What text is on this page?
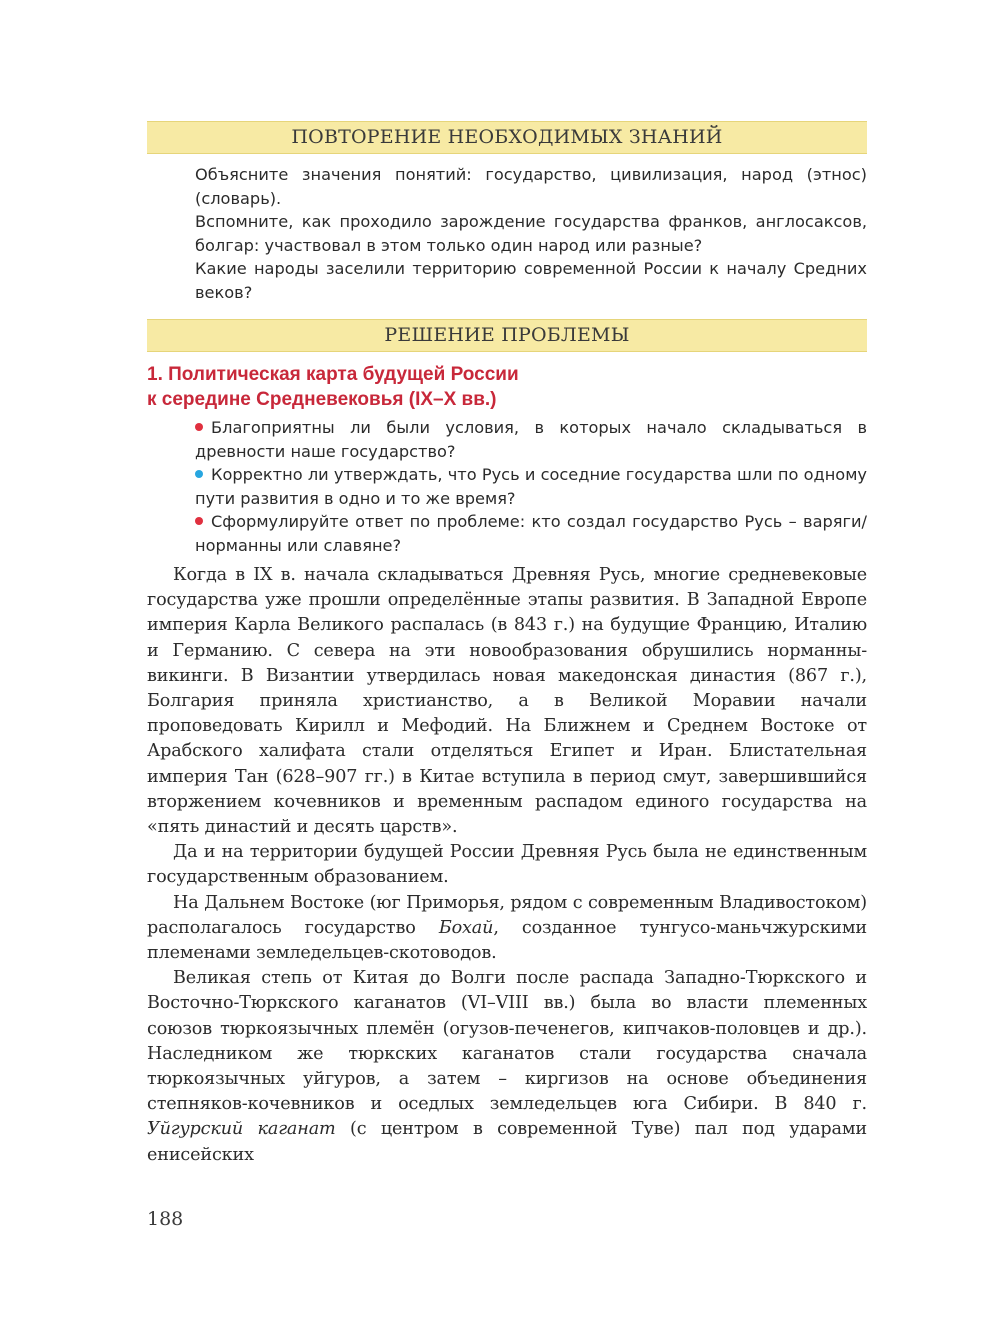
ПОВТОРЕНИЕ НЕОБХОДИМЫХ ЗНАНИЙ

Объясните значения понятий: государство, цивилизация, народ (этнос) (словарь).

Вспомните, как проходило зарождение государства франков, англосаксов, болгар: участвовал в этом только один народ или разные?

Какие народы заселили территорию современной России к началу Средних веков?

РЕШЕНИЕ ПРОБЛЕМЫ
1. Политическая карта будущей России
к середине Средневековья (IX–X вв.)

Благоприятны ли были условия, в которых начало складываться в древности наше государство?

Корректно ли утверждать, что Русь и соседние государства шли по одному пути развития в одно и то же время?

Сформулируйте ответ по проблеме: кто создал государство Русь – варяги/норманны или славяне?

Когда в IX в. начала складываться Древняя Русь, многие средневековые государства уже прошли определённые этапы развития. В Западной Европе империя Карла Великого распалась (в 843 г.) на будущие Францию, Италию и Германию. С севера на эти новообразования обрушились норманны-викинги. В Византии утвердилась новая македонская династия (867 г.), Болгария приняла христианство, а в Великой Моравии начали проповедовать Кирилл и Мефодий. На Ближнем и Среднем Востоке от Арабского халифата стали отделяться Египет и Иран. Блистательная империя Тан (628–907 гг.) в Китае вступила в период смут, завершившийся вторжением кочевников и временным распадом единого государства на «пять династий и десять царств».

Да и на территории будущей России Древняя Русь была не единственным государственным образованием.

На Дальнем Востоке (юг Приморья, рядом с современным Владивостоком) располагалось государство Бохай, созданное тунгусо-маньчжурскими племенами земледельцев-скотоводов.

Великая степь от Китая до Волги после распада Западно-Тюркского и Восточно-Тюркского каганатов (VI–VIII вв.) была во власти племенных союзов тюркоязычных племён (огузов-печенегов, кипчаков-половцев и др.). Наследником же тюркских каганатов стали государства сначала тюркоязычных уйгуров, а затем – киргизов на основе объединения степняков-кочевников и оседлых земледельцев юга Сибири. В 840 г. Уйгурский каганат (с центром в современной Туве) пал под ударами енисейских

188
